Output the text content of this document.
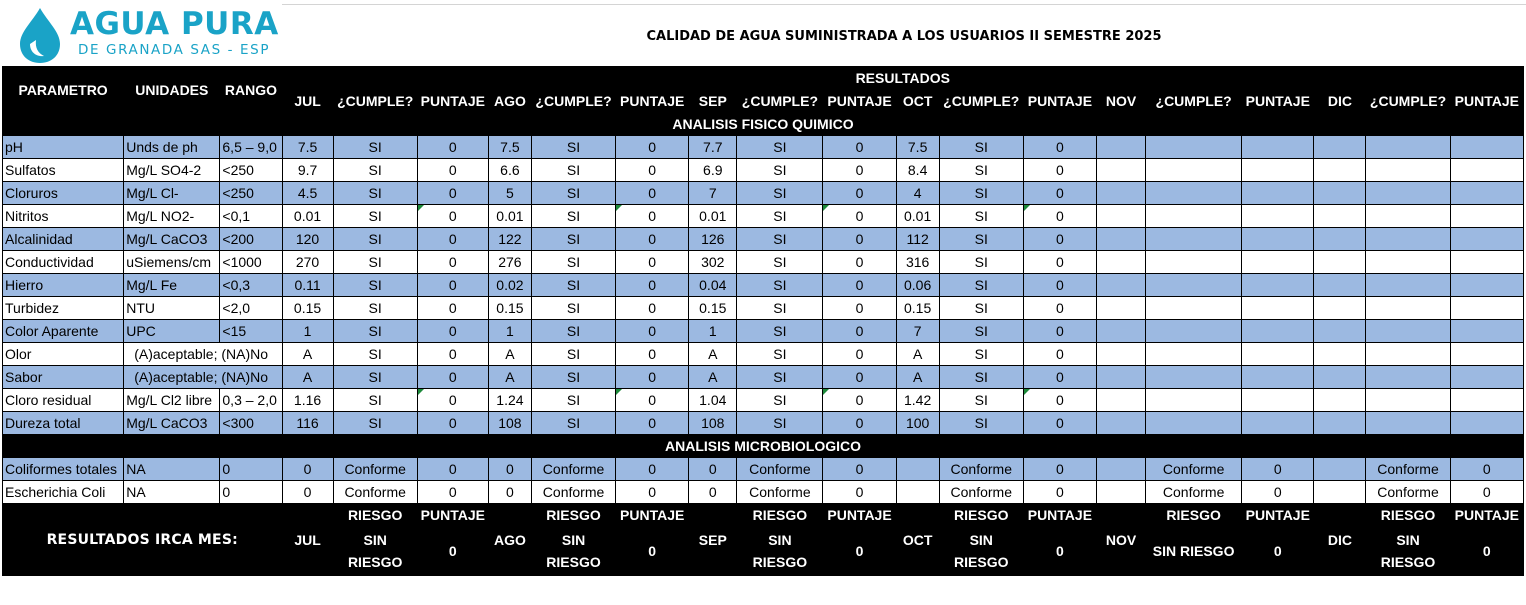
AGUA PURA
DE GRANADA SAS - ESP
CALIDAD DE AGUA SUMINISTRADA A LOS USUARIOS II SEMESTRE 2025
PARAMETRO	UNIDADES	RANGO	RESULTADOS																	
			JUL	¿CUMPLE?	PUNTAJE	AGO	¿CUMPLE?	PUNTAJE	SEP	¿CUMPLE?	PUNTAJE	OCT	¿CUMPLE?	PUNTAJE	NOV	¿CUMPLE?	PUNTAJE	DIC	¿CUMPLE?	PUNTAJE
ANALISIS FISICO QUIMICO																				
pH	Unds de ph	6,5 – 9,0	7.5	SI	0	7.5	SI	0	7.7	SI	0	7.5	SI	0						
Sulfatos	Mg/L SO4-2	<250	9.7	SI	0	6.6	SI	0	6.9	SI	0	8.4	SI	0						
Cloruros	Mg/L Cl-	<250	4.5	SI	0	5	SI	0	7	SI	0	4	SI	0						
Nitritos	Mg/L NO2-	<0,1	0.01	SI	0	0.01	SI	0	0.01	SI	0	0.01	SI	0						
Alcalinidad	Mg/L CaCO3	<200	120	SI	0	122	SI	0	126	SI	0	112	SI	0						
Conductividad	uSiemens/cm	<1000	270	SI	0	276	SI	0	302	SI	0	316	SI	0						
Hierro	Mg/L Fe	<0,3	0.11	SI	0	0.02	SI	0	0.04	SI	0	0.06	SI	0						
Turbidez	NTU	<2,0	0.15	SI	0	0.15	SI	0	0.15	SI	0	0.15	SI	0						
Color Aparente	UPC	<15	1	SI	0	1	SI	0	1	SI	0	7	SI	0						
Olor	(A)aceptable; (NA)No		A	SI	0	A	SI	0	A	SI	0	A	SI	0						
Sabor	(A)aceptable; (NA)No		A	SI	0	A	SI	0	A	SI	0	A	SI	0						
Cloro residual	Mg/L Cl2 libre	0,3 – 2,0	1.16	SI	0	1.24	SI	0	1.04	SI	0	1.42	SI	0						
Dureza total	Mg/L CaCO3	<300	116	SI	0	108	SI	0	108	SI	0	100	SI	0						
ANALISIS MICROBIOLOGICO																				
Coliformes totales	NA	0	0	Conforme	0	0	Conforme	0	0	Conforme	0		Conforme	0		Conforme	0		Conforme	0
Escherichia Coli	NA	0	0	Conforme	0	0	Conforme	0	0	Conforme	0		Conforme	0		Conforme	0		Conforme	0
RESULTADOS IRCA MES:			JUL	RIESGO	PUNTAJE	AGO	RIESGO	PUNTAJE	SEP	RIESGO	PUNTAJE	OCT	RIESGO	PUNTAJE	NOV	RIESGO	PUNTAJE	DIC	RIESGO	PUNTAJE
				SIN RIESGO	0		SIN RIESGO	0		SIN RIESGO	0		SIN RIESGO	0		SIN RIESGO	0		SIN RIESGO	0
